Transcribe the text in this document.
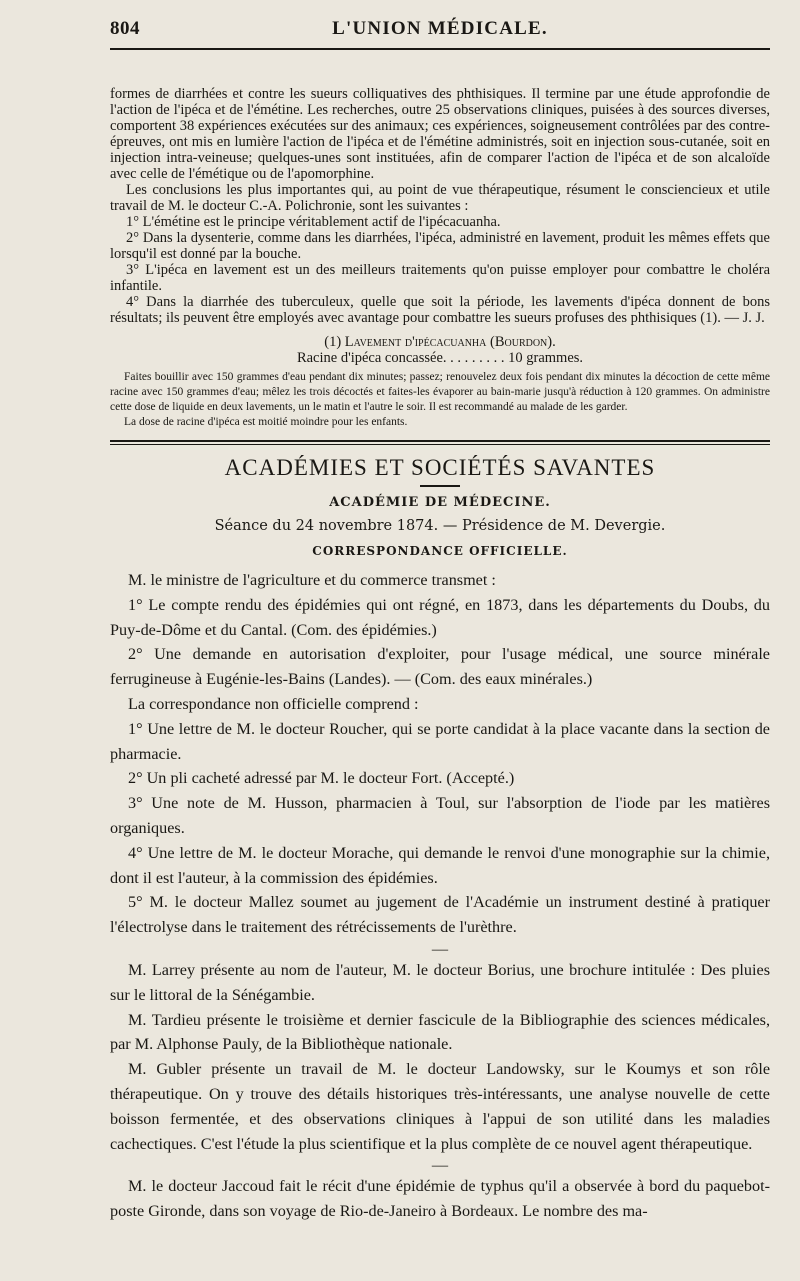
804	L'UNION MÉDICALE.

formes de diarrhées et contre les sueurs colliquatives des phthisiques. Il termine par une étude approfondie de l'action de l'ipéca et de l'émétine. Les recherches, outre 25 observations cliniques, puisées à des sources diverses, comportent 38 expériences exécutées sur des animaux; ces expériences, soigneusement contrôlées par des contre-épreuves, ont mis en lumière l'action de l'ipéca et de l'émétine administrés, soit en injection sous-cutanée, soit en injection intra-veineuse; quelques-unes sont instituées, afin de comparer l'action de l'ipéca et de son alcaloïde avec celle de l'émétique ou de l'apomorphine.

Les conclusions les plus importantes qui, au point de vue thérapeutique, résument le consciencieux et utile travail de M. le docteur C.-A. Polichronie, sont les suivantes :

1° L'émétine est le principe véritablement actif de l'ipécacuanha.

2° Dans la dysenterie, comme dans les diarrhées, l'ipéca, administré en lavement, produit les mêmes effets que lorsqu'il est donné par la bouche.

3° L'ipéca en lavement est un des meilleurs traitements qu'on puisse employer pour combattre le choléra infantile.

4° Dans la diarrhée des tuberculeux, quelle que soit la période, les lavements d'ipéca donnent de bons résultats; ils peuvent être employés avec avantage pour combattre les sueurs profuses des phthisiques (1). — J. J.

(1) Lavement d'ipécacuanha (Bourdon).
Racine d'ipéca concassée. . . . . . . . . 10 grammes.

Faites bouillir avec 150 grammes d'eau pendant dix minutes; passez; renouvelez deux fois pendant dix minutes la décoction de cette même racine avec 150 grammes d'eau; mêlez les trois décoctés et faites-les évaporer au bain-marie jusqu'à réduction à 120 grammes. On administre cette dose de liquide en deux lavements, un le matin et l'autre le soir. Il est recommandé au malade de les garder.

La dose de racine d'ipéca est moitié moindre pour les enfants.

ACADÉMIES ET SOCIÉTÉS SAVANTES
ACADÉMIE DE MÉDECINE.
Séance du 24 novembre 1874. — Présidence de M. Devergie.
CORRESPONDANCE OFFICIELLE.

M. le ministre de l'agriculture et du commerce transmet :

1° Le compte rendu des épidémies qui ont régné, en 1873, dans les départements du Doubs, du Puy-de-Dôme et du Cantal. (Com. des épidémies.)

2° Une demande en autorisation d'exploiter, pour l'usage médical, une source minérale ferrugineuse à Eugénie-les-Bains (Landes). — (Com. des eaux minérales.)

La correspondance non officielle comprend :

1° Une lettre de M. le docteur Roucher, qui se porte candidat à la place vacante dans la section de pharmacie.

2° Un pli cacheté adressé par M. le docteur Fort. (Accepté.)

3° Une note de M. Husson, pharmacien à Toul, sur l'absorption de l'iode par les matières organiques.

4° Une lettre de M. le docteur Morache, qui demande le renvoi d'une monographie sur la chimie, dont il est l'auteur, à la commission des épidémies.

5° M. le docteur Mallez soumet au jugement de l'Académie un instrument destiné à pratiquer l'électrolyse dans le traitement des rétrécissements de l'urèthre.

—

M. Larrey présente au nom de l'auteur, M. le docteur Borius, une brochure intitulée : Des pluies sur le littoral de la Sénégambie.

M. Tardieu présente le troisième et dernier fascicule de la Bibliographie des sciences médicales, par M. Alphonse Pauly, de la Bibliothèque nationale.

M. Gubler présente un travail de M. le docteur Landowsky, sur le Koumys et son rôle thérapeutique. On y trouve des détails historiques très-intéressants, une analyse nouvelle de cette boisson fermentée, et des observations cliniques à l'appui de son utilité dans les maladies cachectiques. C'est l'étude la plus scientifique et la plus complète de ce nouvel agent thérapeutique.

—

M. le docteur Jaccoud fait le récit d'une épidémie de typhus qu'il a observée à bord du paquebot-poste Gironde, dans son voyage de Rio-de-Janeiro à Bordeaux. Le nombre des ma-
